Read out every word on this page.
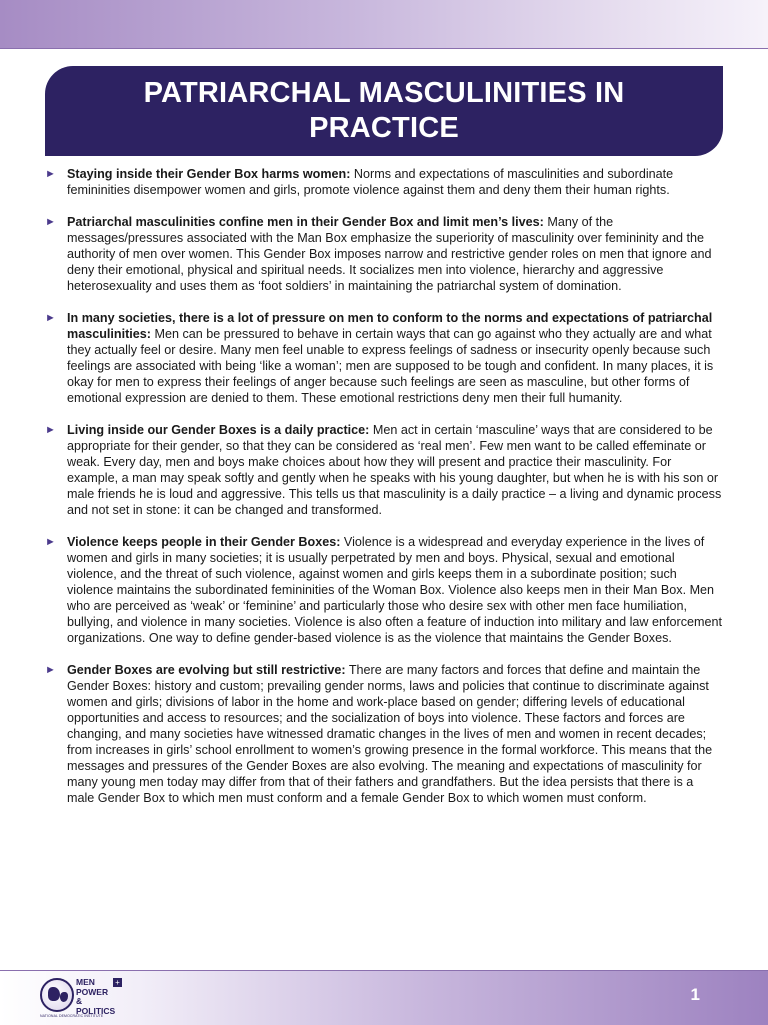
PATRIARCHAL MASCULINITIES IN PRACTICE
► Staying inside their Gender Box harms women: Norms and expectations of masculinities and subordinate femininities disempower women and girls, promote violence against them and deny them their human rights.
► Patriarchal masculinities confine men in their Gender Box and limit men’s lives: Many of the messages/pressures associated with the Man Box emphasize the superiority of masculinity over femininity and the authority of men over women. This Gender Box imposes narrow and restrictive gender roles on men that ignore and deny their emotional, physical and spiritual needs. It socializes men into violence, hierarchy and aggressive heterosexuality and uses them as ‘foot soldiers’ in maintaining the patriarchal system of domination.
► In many societies, there is a lot of pressure on men to conform to the norms and expectations of patriarchal masculinities: Men can be pressured to behave in certain ways that can go against who they actually are and what they actually feel or desire. Many men feel unable to express feelings of sadness or insecurity openly because such feelings are associated with being ‘like a woman’; men are supposed to be tough and confident. In many places, it is okay for men to express their feelings of anger because such feelings are seen as masculine, but other forms of emotional expression are denied to them. These emotional restrictions deny men their full humanity.
► Living inside our Gender Boxes is a daily practice: Men act in certain ‘masculine’ ways that are considered to be appropriate for their gender, so that they can be considered as ‘real men’. Few men want to be called effeminate or weak. Every day, men and boys make choices about how they will present and practice their masculinity. For example, a man may speak softly and gently when he speaks with his young daughter, but when he is with his son or male friends he is loud and aggressive. This tells us that masculinity is a daily practice – a living and dynamic process and not set in stone: it can be changed and transformed.
► Violence keeps people in their Gender Boxes: Violence is a widespread and everyday experience in the lives of women and girls in many societies; it is usually perpetrated by men and boys. Physical, sexual and emotional violence, and the threat of such violence, against women and girls keeps them in a subordinate position; such violence maintains the subordinated femininities of the Woman Box. Violence also keeps men in their Man Box. Men who are perceived as ‘weak’ or ‘feminine’ and particularly those who desire sex with other men face humiliation, bullying, and violence in many societies. Violence is also often a feature of induction into military and law enforcement organizations. One way to define gender-based violence is as the violence that maintains the Gender Boxes.
► Gender Boxes are evolving but still restrictive: There are many factors and forces that define and maintain the Gender Boxes: history and custom; prevailing gender norms, laws and policies that continue to discriminate against women and girls; divisions of labor in the home and work-place based on gender; differing levels of educational opportunities and access to resources; and the socialization of boys into violence. These factors and forces are changing, and many societies have witnessed dramatic changes in the lives of men and women in recent decades; from increases in girls’ school enrollment to women’s growing presence in the formal workforce. This means that the messages and pressures of the Gender Boxes are also evolving. The meaning and expectations of masculinity for many young men today may differ from that of their fathers and grandfathers. But the idea persists that there is a male Gender Box to which men must conform and a female Gender Box to which women must conform.
MEN
POWER
& POLITICS
+
NATIONAL DEMOCRATIC INSTITUTE
1
